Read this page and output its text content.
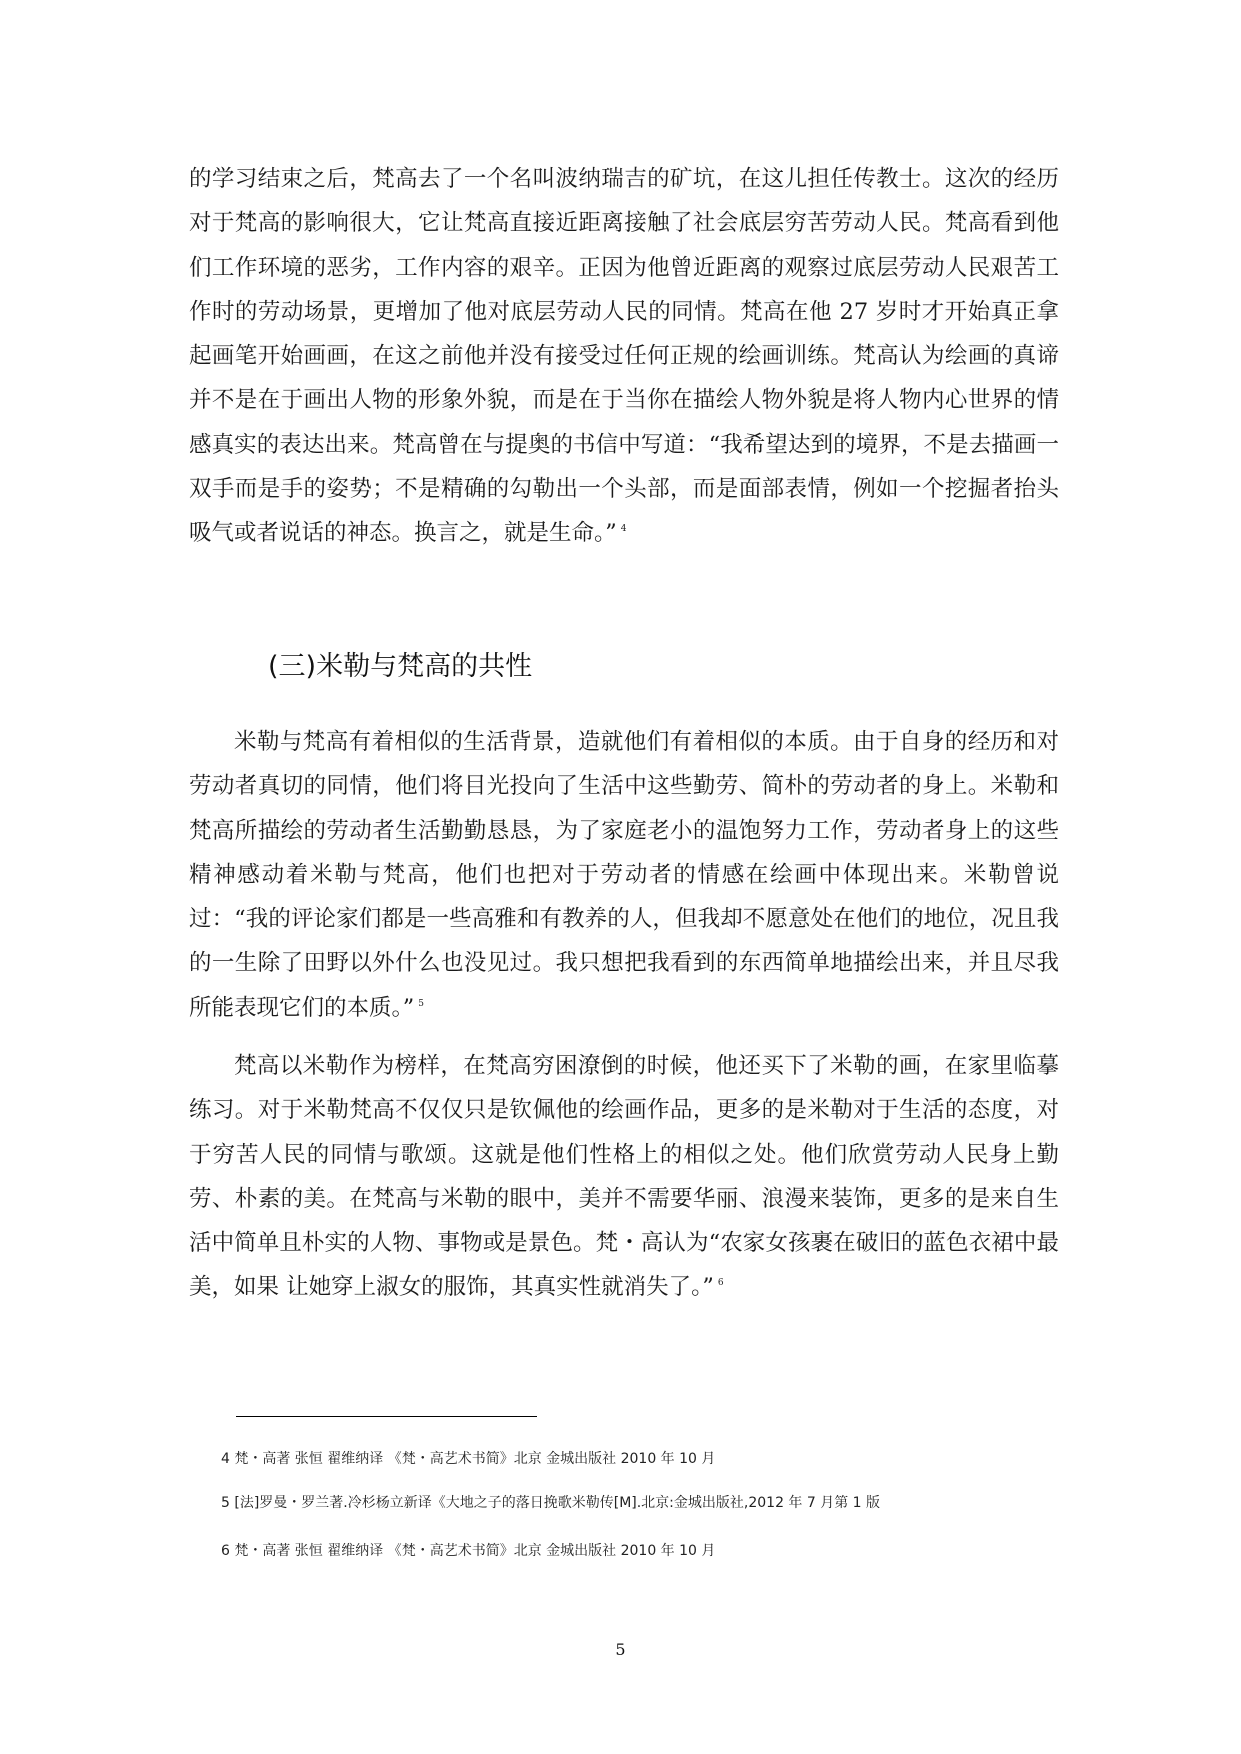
的学习结束之后，梵高去了一个名叫波纳瑞吉的矿坑，在这儿担任传教士。这次的经历对于梵高的影响很大，它让梵高直接近距离接触了社会底层穷苦劳动人民。梵高看到他们工作环境的恶劣，工作内容的艰辛。正因为他曾近距离的观察过底层劳动人民艰苦工作时的劳动场景，更增加了他对底层劳动人民的同情。梵高在他 27 岁时才开始真正拿起画笔开始画画，在这之前他并没有接受过任何正规的绘画训练。梵高认为绘画的真谛并不是在于画出人物的形象外貌，而是在于当你在描绘人物外貌是将人物内心世界的情感真实的表达出来。梵高曾在与提奥的书信中写道：“我希望达到的境界，不是去描画一双手而是手的姿势；不是精确的勾勒出一个头部，而是面部表情，例如一个挖掘者抬头吸气或者说话的神态。换言之，就是生命。” $^4$

(三)米勒与梵高的共性

米勒与梵高有着相似的生活背景，造就他们有着相似的本质。由于自身的经历和对劳动者真切的同情，他们将目光投向了生活中这些勤劳、简朴的劳动者的身上。米勒和梵高所描绘的劳动者生活勤勤恳恳，为了家庭老小的温饱努力工作，劳动者身上的这些精神感动着米勒与梵高，他们也把对于劳动者的情感在绘画中体现出来。米勒曾说过：“我的评论家们都是一些高雅和有教养的人，但我却不愿意处在他们的地位，况且我的一生除了田野以外什么也没见过。我只想把我看到的东西简单地描绘出来，并且尽我所能表现它们的本质。” $^5$

梵高以米勒作为榜样，在梵高穷困潦倒的时候，他还买下了米勒的画，在家里临摹练习。对于米勒梵高不仅仅只是钦佩他的绘画作品，更多的是米勒对于生活的态度，对于穷苦人民的同情与歌颂。这就是他们性格上的相似之处。他们欣赏劳动人民身上勤劳、朴素的美。在梵高与米勒的眼中，美并不需要华丽、浪漫来装饰，更多的是来自生活中简单且朴实的人物、事物或是景色。梵・高认为“农家女孩裹在破旧的蓝色衣裙中最美，如果 让她穿上淑女的服饰，其真实性就消失了。” $^6$

4 梵・高著 张恒 翟维纳译 《梵・高艺术书简》北京 金城出版社 2010 年 10 月

5 [法]罗曼・罗兰著.冷杉杨立新译《大地之子的落日挽歌米勒传[M].北京:金城出版社,2012 年 7 月第 1 版

6 梵・高著 张恒 翟维纳译 《梵・高艺术书简》北京 金城出版社 2010 年 10 月

5
